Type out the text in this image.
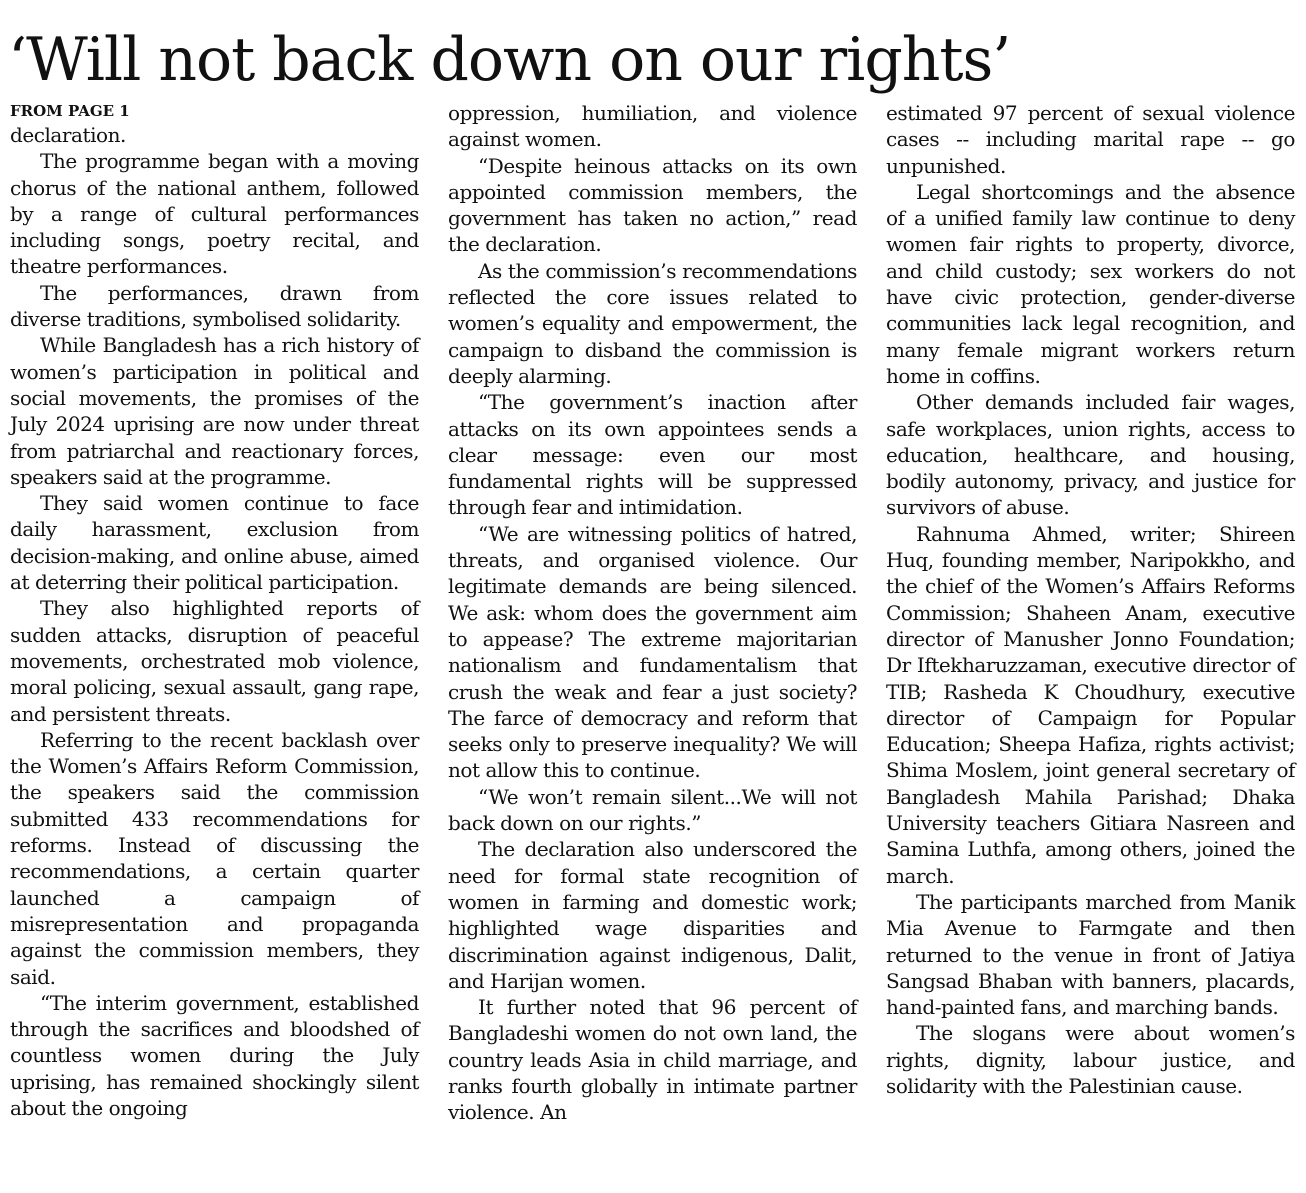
‘Will not back down on our rights’
FROM PAGE 1

declaration.

The programme began with a moving chorus of the national anthem, followed by a range of cultural performances including songs, poetry recital, and theatre performances.

The performances, drawn from diverse traditions, symbolised solidarity.

While Bangladesh has a rich history of women’s participation in political and social movements, the promises of the July 2024 uprising are now under threat from patriarchal and reactionary forces, speakers said at the programme.

They said women continue to face daily harassment, exclusion from decision-making, and online abuse, aimed at deterring their political participation.

They also highlighted reports of sudden attacks, disruption of peaceful movements, orchestrated mob violence, moral policing, sexual assault, gang rape, and persistent threats.

Referring to the recent backlash over the Women’s Affairs Reform Commission, the speakers said the commission submitted 433 recommendations for reforms. Instead of discussing the recommendations, a certain quarter launched a campaign of misrepresentation and propaganda against the commission members, they said.

“The interim government, established through the sacrifices and bloodshed of countless women during the July uprising, has remained shockingly silent about the ongoing

oppression, humiliation, and violence against women.

“Despite heinous attacks on its own appointed commission members, the government has taken no action,” read the declaration.

As the commission’s recommendations reflected the core issues related to women’s equality and empowerment, the campaign to disband the commission is deeply alarming.

“The government’s inaction after attacks on its own appointees sends a clear message: even our most fundamental rights will be suppressed through fear and intimidation.

“We are witnessing politics of hatred, threats, and organised violence. Our legitimate demands are being silenced. We ask: whom does the government aim to appease? The extreme majoritarian nationalism and fundamentalism that crush the weak and fear a just society? The farce of democracy and reform that seeks only to preserve inequality? We will not allow this to continue.

“We won’t remain silent...We will not back down on our rights.”

The declaration also underscored the need for formal state recognition of women in farming and domestic work; highlighted wage disparities and discrimination against indigenous, Dalit, and Harijan women.

It further noted that 96 percent of Bangladeshi women do not own land, the country leads Asia in child marriage, and ranks fourth globally in intimate partner violence. An

estimated 97 percent of sexual violence cases -- including marital rape -- go unpunished.

Legal shortcomings and the absence of a unified family law continue to deny women fair rights to property, divorce, and child custody; sex workers do not have civic protection, gender-diverse communities lack legal recognition, and many female migrant workers return home in coffins.

Other demands included fair wages, safe workplaces, union rights, access to education, healthcare, and housing, bodily autonomy, privacy, and justice for survivors of abuse.

Rahnuma Ahmed, writer; Shireen Huq, founding member, Naripokkho, and the chief of the Women’s Affairs Reforms Commission; Shaheen Anam, executive director of Manusher Jonno Foundation; Dr Iftekharuzzaman, executive director of TIB; Rasheda K Choudhury, executive director of Campaign for Popular Education; Sheepa Hafiza, rights activist; Shima Moslem, joint general secretary of Bangladesh Mahila Parishad; Dhaka University teachers Gitiara Nasreen and Samina Luthfa, among others, joined the march.

The participants marched from Manik Mia Avenue to Farmgate and then returned to the venue in front of Jatiya Sangsad Bhaban with banners, placards, hand-painted fans, and marching bands.

The slogans were about women’s rights, dignity, labour justice, and solidarity with the Palestinian cause.
